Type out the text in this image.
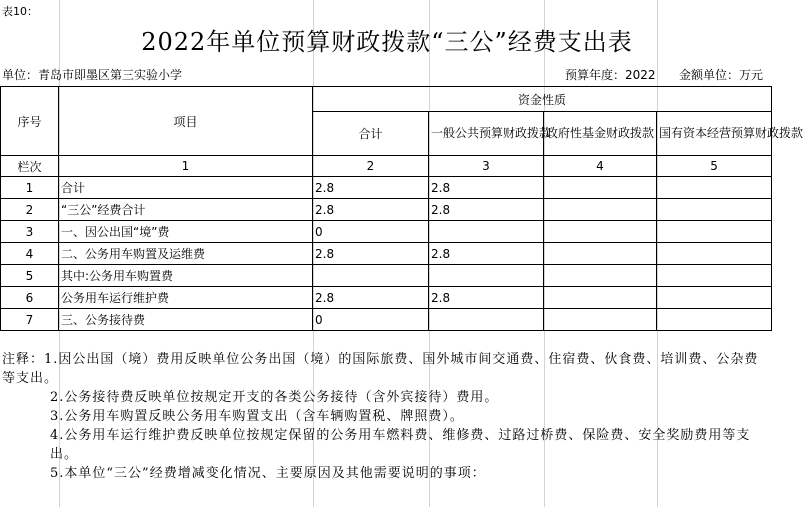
表10：
2022年单位预算财政拨款“三公”经费支出表
单位：青岛市即墨区第三实验小学	预算年度：2022 金额单位：万元
序号	项目	资金性质			
		合计	一般公共预算财政拨款	政府性基金财政拨款	国有资本经营预算财政拨款
栏次	1	2	3	4	5
1	合计	2.8	2.8		
2	“三公”经费合计	2.8	2.8		
3	一、因公出国“境”费	0			
4	二、公务用车购置及运维费	2.8	2.8		
5	其中:公务用车购置费				
6	公务用车运行维护费	2.8	2.8		
7	三、公务接待费	0			
注释：1.因公出国（境）费用反映单位公务出国（境）的国际旅费、国外城市间交通费、住宿费、伙食费、培训费、公杂费等支出。
2.公务接待费反映单位按规定开支的各类公务接待（含外宾接待）费用。
3.公务用车购置反映公务用车购置支出（含车辆购置税、牌照费）。
4.公务用车运行维护费反映单位按规定保留的公务用车燃料费、维修费、过路过桥费、保险费、安全奖励费用等支出。
5.本单位“三公”经费增减变化情况、主要原因及其他需要说明的事项：
